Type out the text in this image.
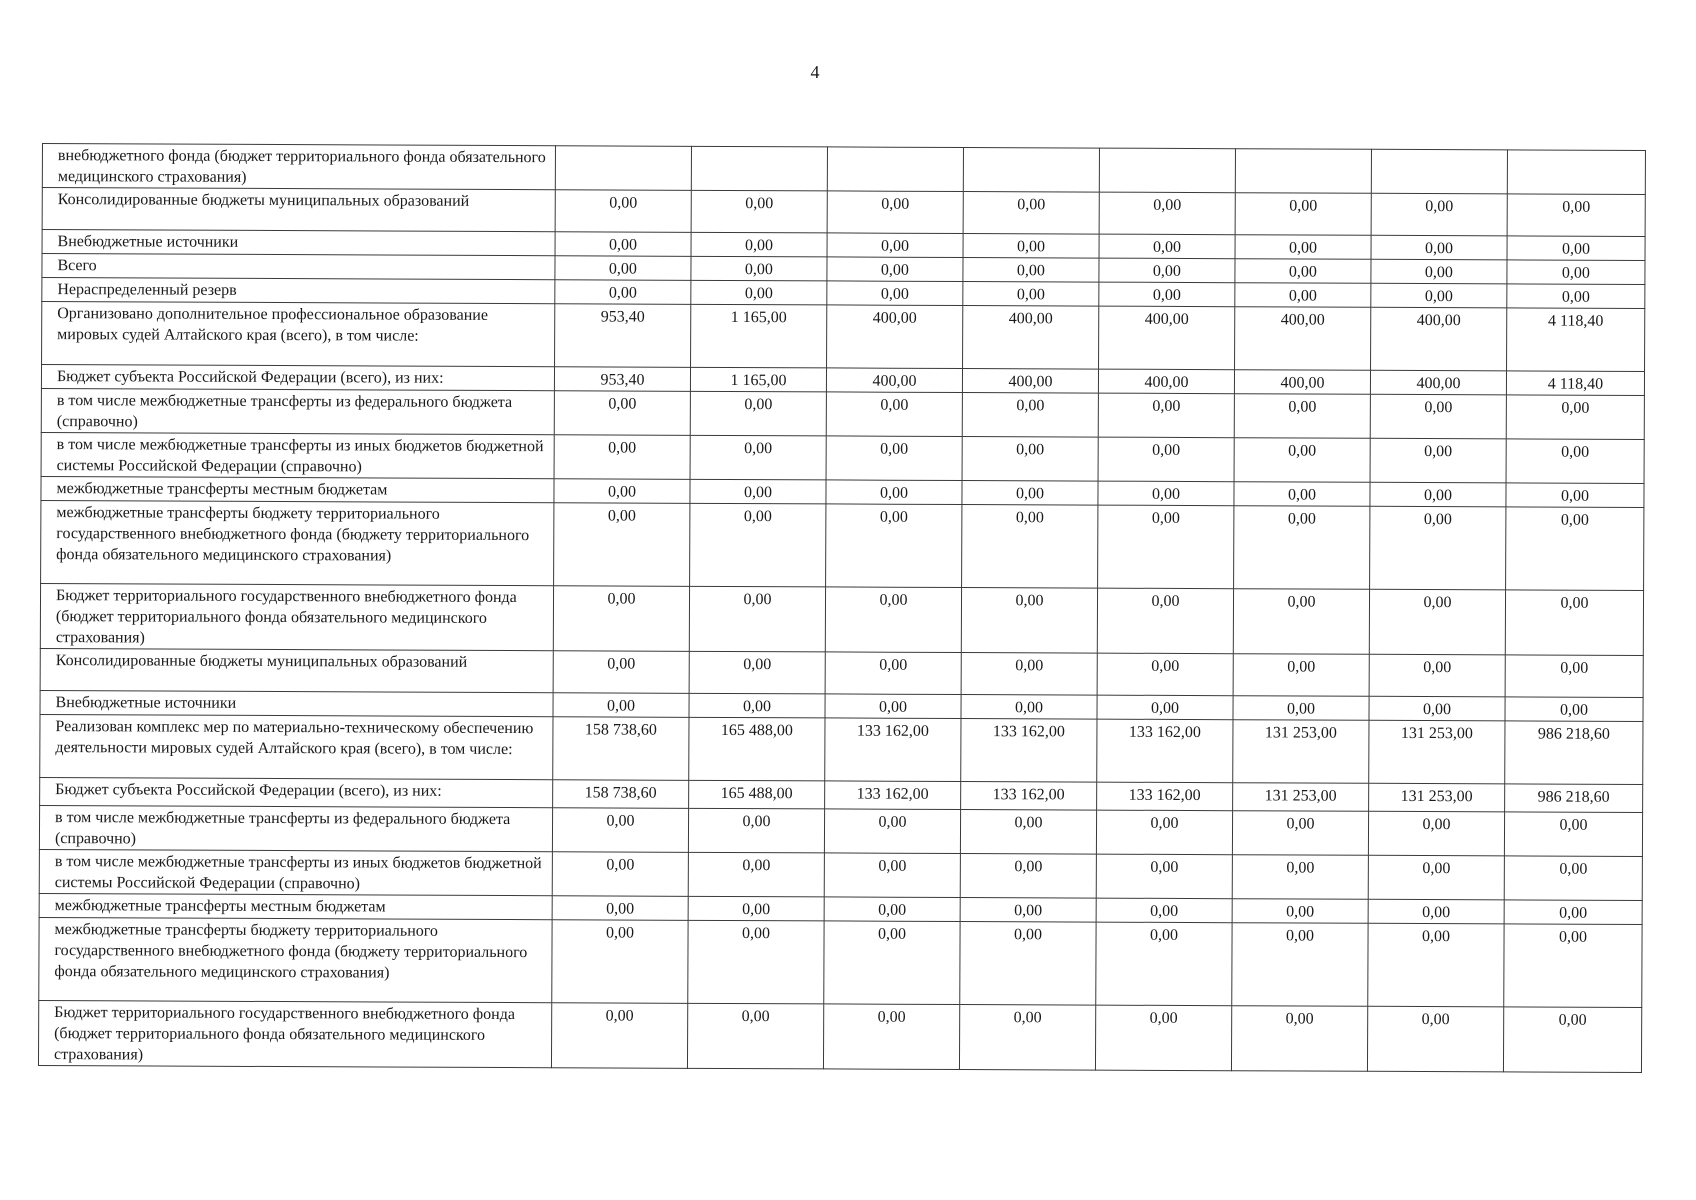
4
внебюджетного фонда (бюджет территориального фонда обязательного медицинского страхования)								
Консолидированные бюджеты муниципальных образований	0,00	0,00	0,00	0,00	0,00	0,00	0,00	0,00
Внебюджетные источники	0,00	0,00	0,00	0,00	0,00	0,00	0,00	0,00
Всего	0,00	0,00	0,00	0,00	0,00	0,00	0,00	0,00
Нераспределенный резерв	0,00	0,00	0,00	0,00	0,00	0,00	0,00	0,00
Организовано дополнительное профессиональное образование мировых судей Алтайского края (всего), в том числе:	953,40	1 165,00	400,00	400,00	400,00	400,00	400,00	4 118,40
Бюджет субъекта Российской Федерации (всего), из них:	953,40	1 165,00	400,00	400,00	400,00	400,00	400,00	4 118,40
в том числе межбюджетные трансферты из федерального бюджета (справочно)	0,00	0,00	0,00	0,00	0,00	0,00	0,00	0,00
в том числе межбюджетные трансферты из иных бюджетов бюджетной системы Российской Федерации (справочно)	0,00	0,00	0,00	0,00	0,00	0,00	0,00	0,00
межбюджетные трансферты местным бюджетам	0,00	0,00	0,00	0,00	0,00	0,00	0,00	0,00
межбюджетные трансферты бюджету территориального государственного внебюджетного фонда (бюджету территориального фонда обязательного медицинского страхования)	0,00	0,00	0,00	0,00	0,00	0,00	0,00	0,00
Бюджет территориального государственного внебюджетного фонда (бюджет территориального фонда обязательного медицинского страхования)	0,00	0,00	0,00	0,00	0,00	0,00	0,00	0,00
Консолидированные бюджеты муниципальных образований	0,00	0,00	0,00	0,00	0,00	0,00	0,00	0,00
Внебюджетные источники	0,00	0,00	0,00	0,00	0,00	0,00	0,00	0,00
Реализован комплекс мер по материально-техническому обеспечению деятельности мировых судей Алтайского края (всего), в том числе:	158 738,60	165 488,00	133 162,00	133 162,00	133 162,00	131 253,00	131 253,00	986 218,60
Бюджет субъекта Российской Федерации (всего), из них:	158 738,60	165 488,00	133 162,00	133 162,00	133 162,00	131 253,00	131 253,00	986 218,60
в том числе межбюджетные трансферты из федерального бюджета (справочно)	0,00	0,00	0,00	0,00	0,00	0,00	0,00	0,00
в том числе межбюджетные трансферты из иных бюджетов бюджетной системы Российской Федерации (справочно)	0,00	0,00	0,00	0,00	0,00	0,00	0,00	0,00
межбюджетные трансферты местным бюджетам	0,00	0,00	0,00	0,00	0,00	0,00	0,00	0,00
межбюджетные трансферты бюджету территориального государственного внебюджетного фонда (бюджету территориального фонда обязательного медицинского страхования)	0,00	0,00	0,00	0,00	0,00	0,00	0,00	0,00
Бюджет территориального государственного внебюджетного фонда (бюджет территориального фонда обязательного медицинского страхования)	0,00	0,00	0,00	0,00	0,00	0,00	0,00	0,00
